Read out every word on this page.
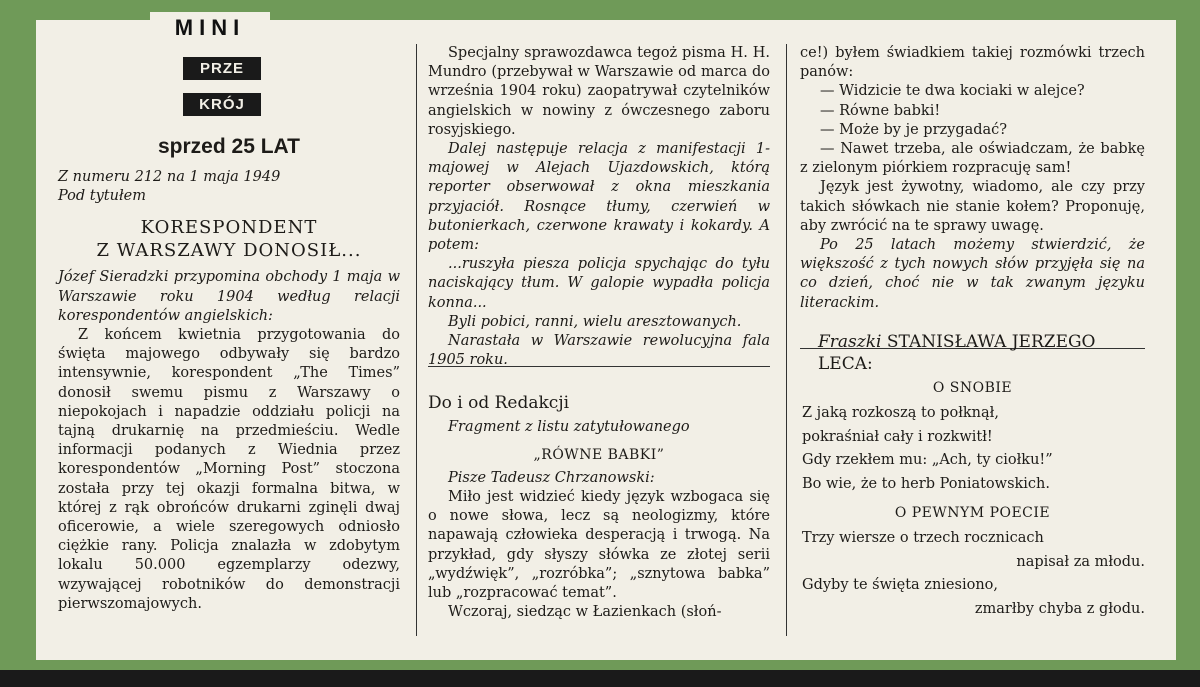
MINI
PRZE
KRÓJ
sprzed 25 LAT

Z numeru 212 na 1 maja 1949

Pod tytułem

KORESPONDENT
Z WARSZAWY DONOSIŁ...

Józef Sieradzki przypomina obchody 1 maja w Warszawie roku 1904 według relacji korespondentów angielskich:

Z końcem kwietnia przygotowania do święta majowego odbywały się bardzo intensywnie, korespondent „The Times” donosił swemu pismu z Warszawy o niepokojach i napadzie oddziału policji na tajną drukarnię na przedmieściu. Wedle informacji podanych z Wiednia przez korespondentów „Morning Post” stoczona została przy tej okazji formalna bitwa, w której z rąk obrońców drukarni zginęli dwaj oficerowie, a wiele szeregowych odniosło ciężkie rany. Policja znalazła w zdobytym lokalu 50.000 egzemplarzy odezwy, wzywającej robotników do demonstracji pierwszomajowych.

Specjalny sprawozdawca tegoż pisma H. H. Mundro (przebywał w Warszawie od marca do września 1904 roku) zaopatrywał czytelników angielskich w nowiny z ówczesnego zaboru rosyjskiego.

Dalej następuje relacja z manifestacji 1-majowej w Alejach Ujazdowskich, którą reporter obserwował z okna mieszkania przyjaciół. Rosnące tłumy, czerwień w butonierkach, czerwone krawaty i kokardy. A potem:

...ruszyła piesza policja spychając do tyłu naciskający tłum. W galopie wypadła policja konna...

Byli pobici, ranni, wielu aresztowanych.

Narastała w Warszawie rewolucyjna fala 1905 roku.

Do i od Redakcji

Fragment z listu zatytułowanego

„RÓWNE BABKI”

Pisze Tadeusz Chrzanowski:

Miło jest widzieć kiedy język wzbogaca się o nowe słowa, lecz są neologizmy, które napawają człowieka desperacją i trwogą. Na przykład, gdy słyszy słówka ze złotej serii „wydźwięk”, „rozróbka”; „sznytowa babka” lub „rozpracować temat”.

Wczoraj, siedząc w Łazienkach (słoń-

ce!) byłem świadkiem takiej rozmówki trzech panów:

— Widzicie te dwa kociaki w alejce?

— Równe babki!

— Może by je przygadać?

— Nawet trzeba, ale oświadczam, że babkę z zielonym piórkiem rozpracuję sam!

Język jest żywotny, wiadomo, ale czy przy takich słówkach nie stanie kołem? Proponuję, aby zwrócić na te sprawy uwagę.

Po 25 latach możemy stwierdzić, że większość z tych nowych słów przyjęła się na co dzień, choć nie w tak zwanym języku literackim.

Fraszki STANISŁAWA JERZEGO LECA:
O SNOBIE
Z jaką rozkoszą to połknął,
pokraśniał cały i rozkwitł!
Gdy rzekłem mu: „Ach, ty ciołku!”
Bo wie, że to herb Poniatowskich.
O PEWNYM POECIE
Trzy wiersze o trzech rocznicach
napisał za młodu.
Gdyby te święta zniesiono,
zmarłby chyba z głodu.
